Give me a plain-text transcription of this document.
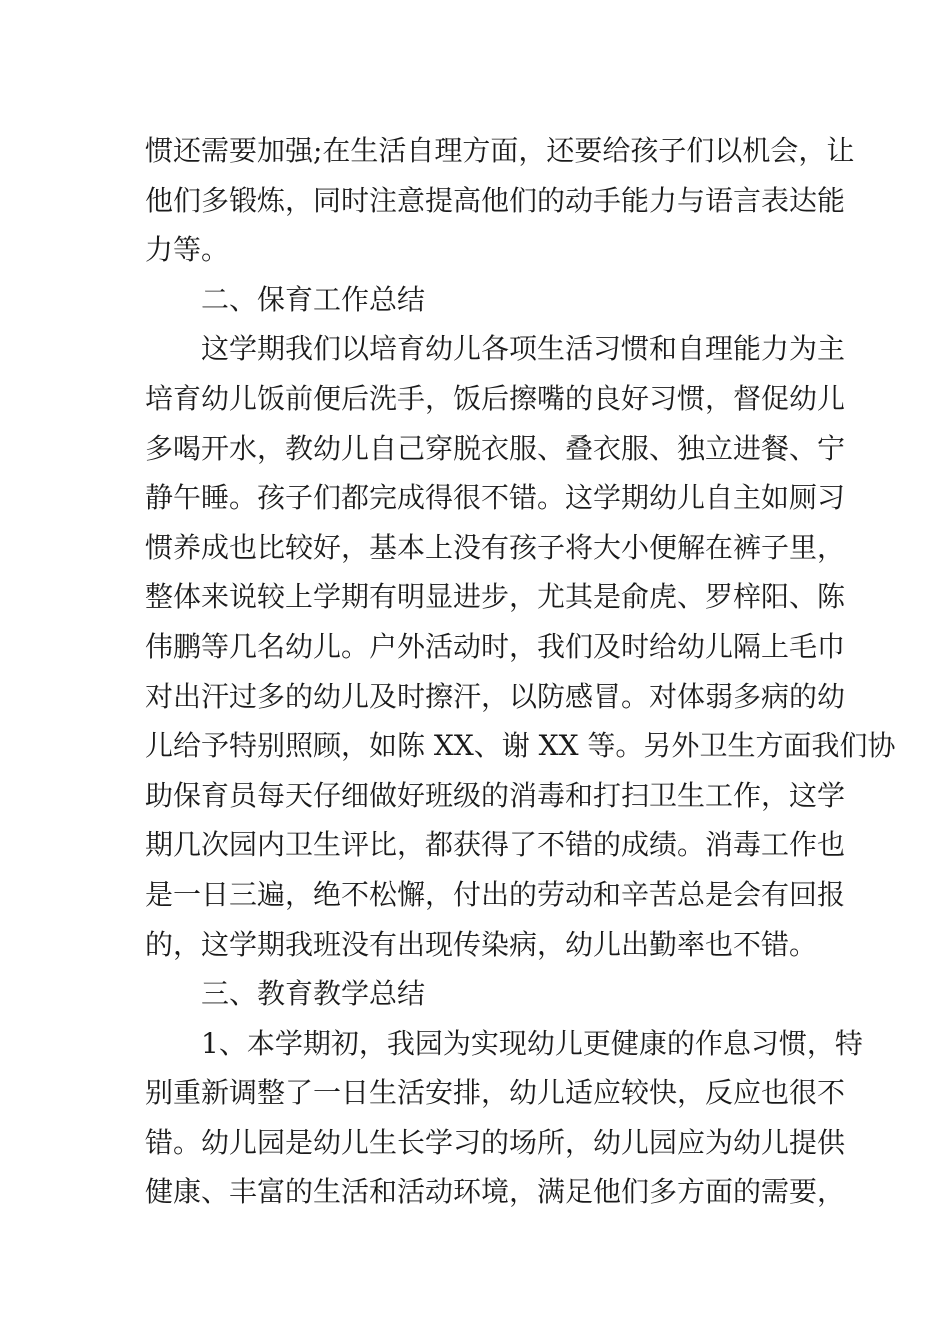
惯还需要加强;在生活自理方面，还要给孩子们以机会，让
他们多锻炼，同时注意提高他们的动手能力与语言表达能
力等。
二、保育工作总结
这学期我们以培育幼儿各项生活习惯和自理能力为主
培育幼儿饭前便后洗手，饭后擦嘴的良好习惯，督促幼儿
多喝开水，教幼儿自己穿脱衣服、叠衣服、独立进餐、宁
静午睡。孩子们都完成得很不错。这学期幼儿自主如厕习
惯养成也比较好，基本上没有孩子将大小便解在裤子里，
整体来说较上学期有明显进步，尤其是俞虎、罗梓阳、陈
伟鹏等几名幼儿。户外活动时，我们及时给幼儿隔上毛巾
对出汗过多的幼儿及时擦汗，以防感冒。对体弱多病的幼
儿给予特别照顾，如陈 XX、谢 XX 等。另外卫生方面我们协
助保育员每天仔细做好班级的消毒和打扫卫生工作，这学
期几次园内卫生评比，都获得了不错的成绩。消毒工作也
是一日三遍，绝不松懈，付出的劳动和辛苦总是会有回报
的，这学期我班没有出现传染病，幼儿出勤率也不错。
三、教育教学总结
1、本学期初，我园为实现幼儿更健康的作息习惯，特
别重新调整了一日生活安排，幼儿适应较快，反应也很不
错。幼儿园是幼儿生长学习的场所，幼儿园应为幼儿提供
健康、丰富的生活和活动环境，满足他们多方面的需要，
